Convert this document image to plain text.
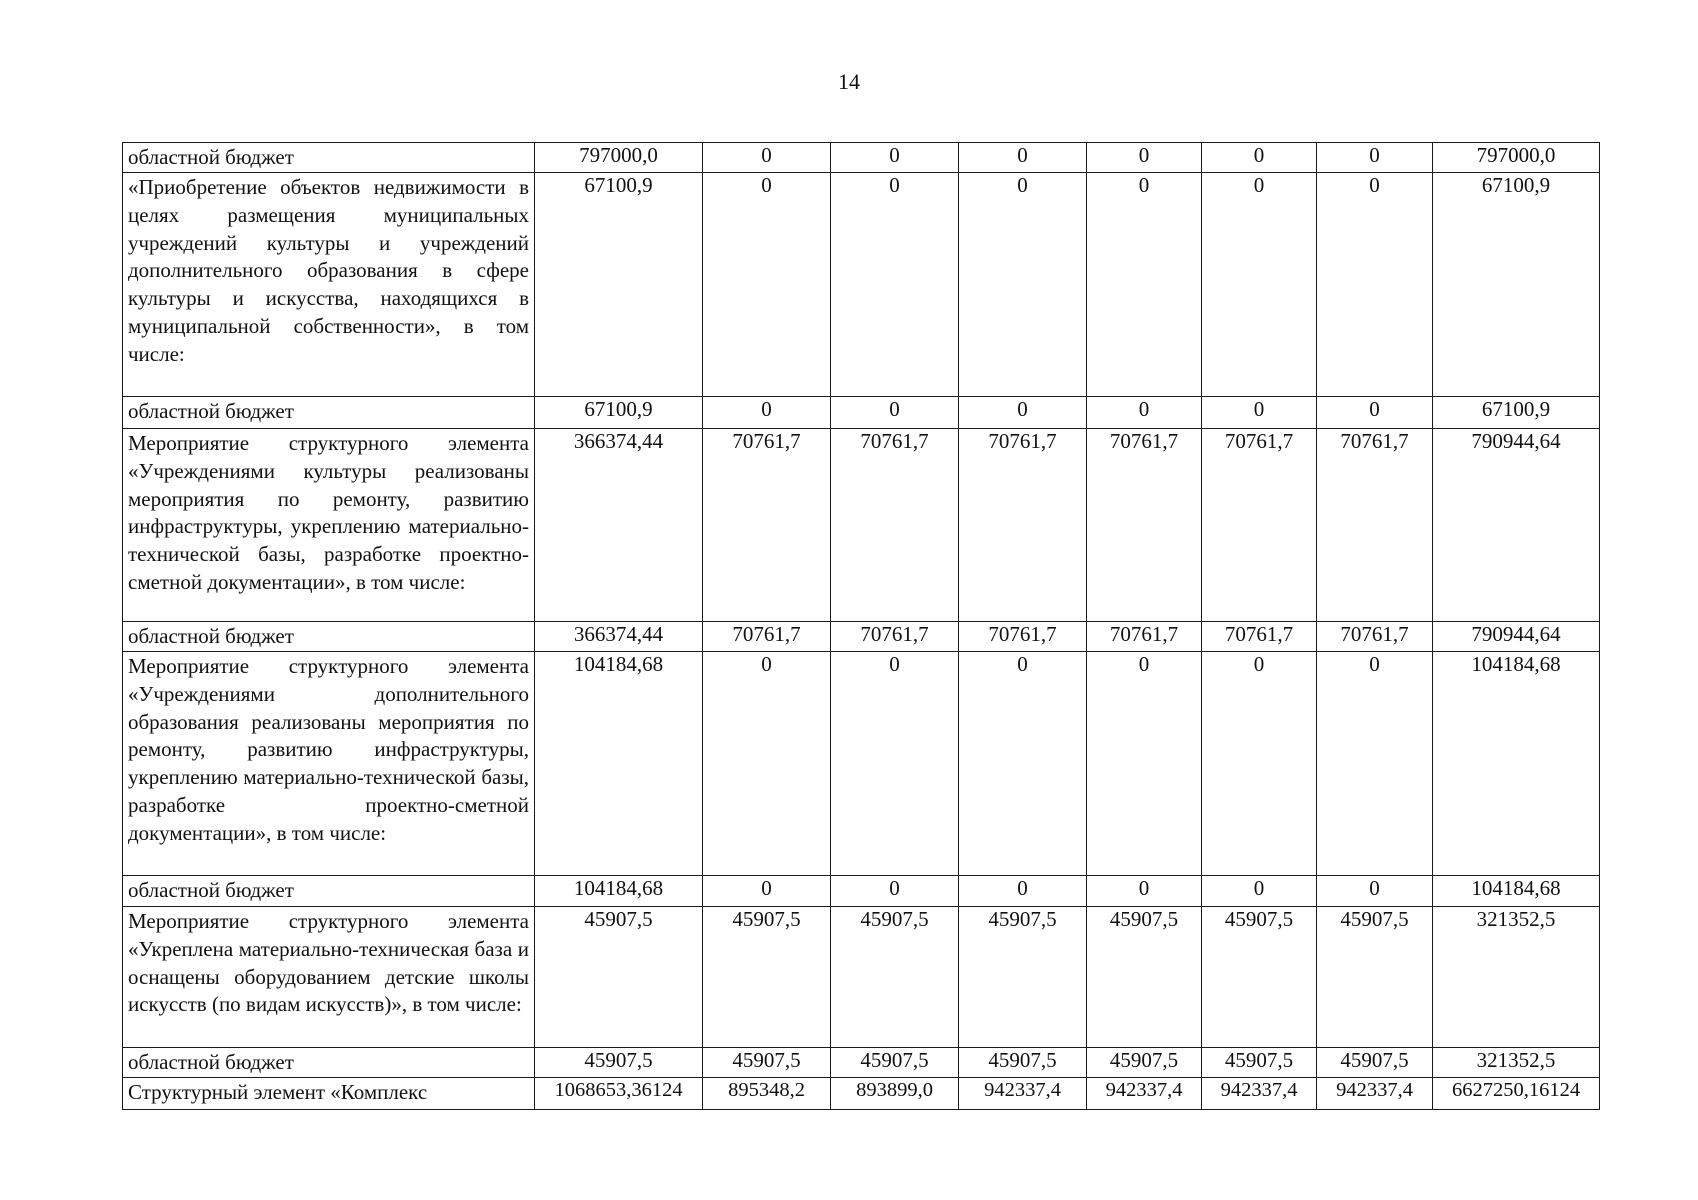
14
областной бюджет	797000,0	0	0	0	0	0	0	797000,0
«Приобретение объектов недвижимости в целях размещения муниципальных учреждений культуры и учреждений дополнительного образования в сфере культуры и искусства, находящихся в муниципальной собственности», в том числе:	67100,9	0	0	0	0	0	0	67100,9
областной бюджет	67100,9	0	0	0	0	0	0	67100,9
Мероприятие структурного элемента «Учреждениями культуры реализованы мероприятия по ремонту, развитию инфраструктуры, укреплению материально-технической базы, разработке проектно-сметной документации», в том числе:	366374,44	70761,7	70761,7	70761,7	70761,7	70761,7	70761,7	790944,64
областной бюджет	366374,44	70761,7	70761,7	70761,7	70761,7	70761,7	70761,7	790944,64
Мероприятие структурного элемента «Учреждениями дополнительного образования реализованы мероприятия по ремонту, развитию инфраструктуры, укреплению материально-технической базы, разработке проектно-сметной документации», в том числе:	104184,68	0	0	0	0	0	0	104184,68
областной бюджет	104184,68	0	0	0	0	0	0	104184,68
Мероприятие структурного элемента «Укреплена материально-техническая база и оснащены оборудованием детские школы искусств (по видам искусств)», в том числе:	45907,5	45907,5	45907,5	45907,5	45907,5	45907,5	45907,5	321352,5
областной бюджет	45907,5	45907,5	45907,5	45907,5	45907,5	45907,5	45907,5	321352,5
Структурный элемент «Комплекс	1068653,36124	895348,2	893899,0	942337,4	942337,4	942337,4	942337,4	6627250,16124
